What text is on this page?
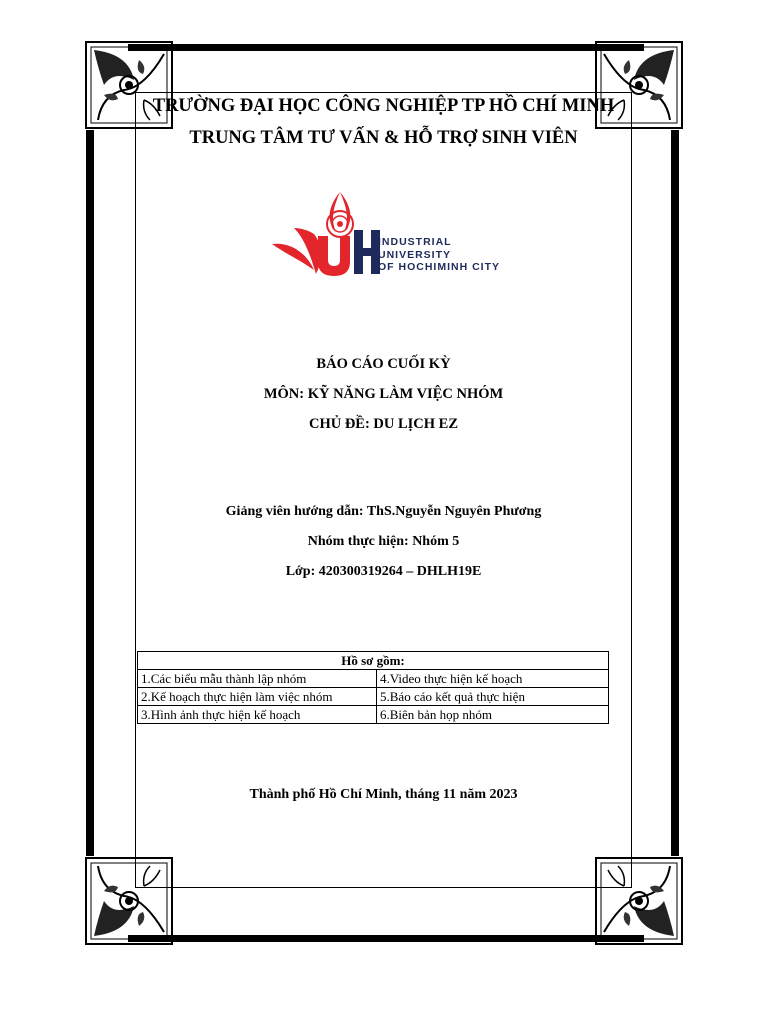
TRƯỜNG ĐẠI HỌC CÔNG NGHIỆP TP HỒ CHÍ MINH
TRUNG TÂM TƯ VẤN & HỖ TRỢ SINH VIÊN
INDUSTRIAL
UNIVERSITY
OF HOCHIMINH CITY
BÁO CÁO CUỐI KỲ
MÔN: KỸ NĂNG LÀM VIỆC NHÓM
CHỦ ĐỀ: DU LỊCH EZ
Giảng viên hướng dẫn: ThS.Nguyễn Nguyên Phương
Nhóm thực hiện: Nhóm 5
Lớp: 420300319264 – DHLH19E
Hồ sơ gồm:	
1.Các biểu mẫu thành lập nhóm	4.Video thực hiện kế hoạch
2.Kế hoạch thực hiện làm việc nhóm	5.Báo cáo kết quả thực hiện
3.Hình ảnh thực hiện kế hoạch	6.Biên bản họp nhóm
Thành phố Hồ Chí Minh, tháng 11 năm 2023
